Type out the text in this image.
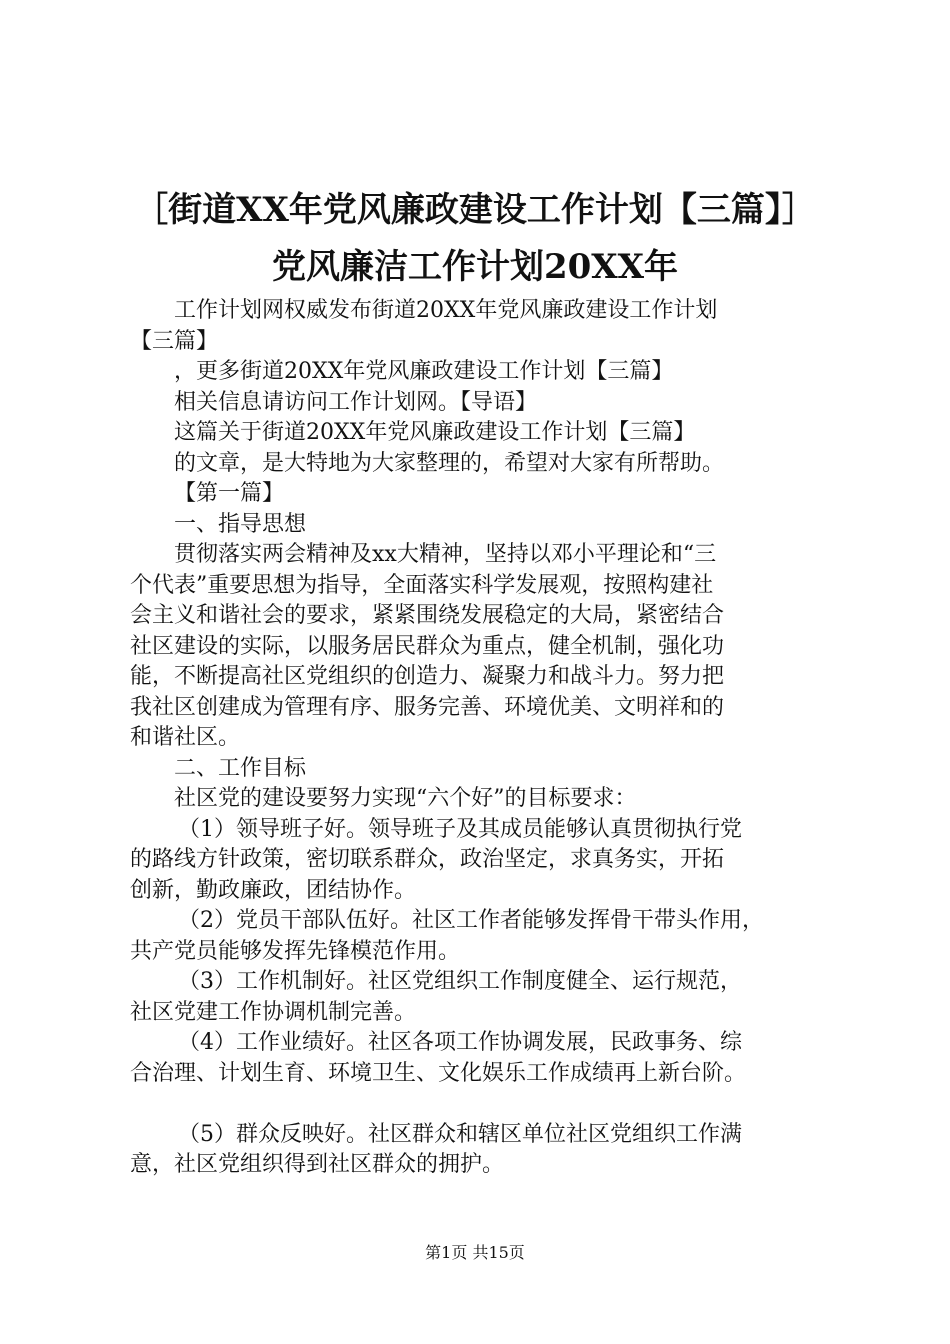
［街道XX年党风廉政建设工作计划【三篇】］
党风廉洁工作计划20XX年
工作计划网权威发布街道20XX年党风廉政建设工作计划
【三篇】
，更多街道20XX年党风廉政建设工作计划【三篇】
相关信息请访问工作计划网。【导语】
这篇关于街道20XX年党风廉政建设工作计划【三篇】
的文章，是大特地为大家整理的，希望对大家有所帮助。
【第一篇】
一、指导思想
贯彻落实两会精神及xx大精神，坚持以邓小平理论和“三
个代表”重要思想为指导，全面落实科学发展观，按照构建社
会主义和谐社会的要求，紧紧围绕发展稳定的大局，紧密结合
社区建设的实际，以服务居民群众为重点，健全机制，强化功
能，不断提高社区党组织的创造力、凝聚力和战斗力。努力把
我社区创建成为管理有序、服务完善、环境优美、文明祥和的
和谐社区。
二、工作目标
社区党的建设要努力实现“六个好”的目标要求：
（1）领导班子好。领导班子及其成员能够认真贯彻执行党
的路线方针政策，密切联系群众，政治坚定，求真务实，开拓
创新，勤政廉政，团结协作。
（2）党员干部队伍好。社区工作者能够发挥骨干带头作用，
共产党员能够发挥先锋模范作用。
（3）工作机制好。社区党组织工作制度健全、运行规范，
社区党建工作协调机制完善。
（4）工作业绩好。社区各项工作协调发展，民政事务、综
合治理、计划生育、环境卫生、文化娱乐工作成绩再上新台阶。
（5）群众反映好。社区群众和辖区单位社区党组织工作满
意，社区党组织得到社区群众的拥护。
第1页 共15页
